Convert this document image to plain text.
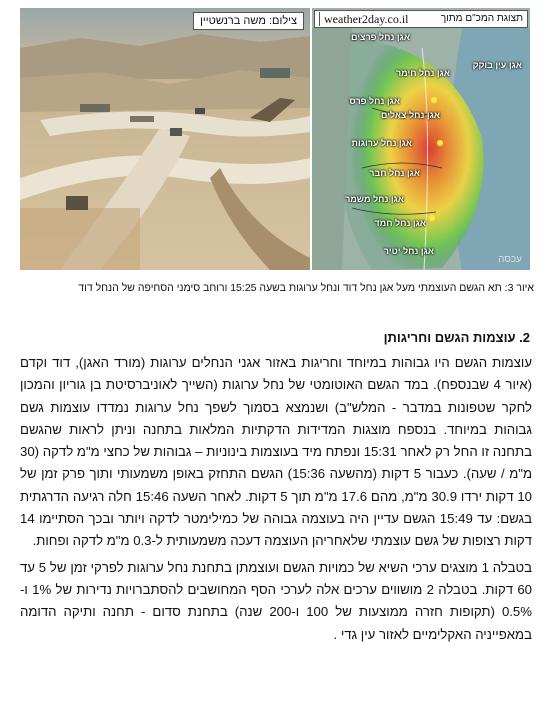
צילום: משה ברנשטיין	תצוגת המכ"ם מתוך
weather2day.co.il
אגן נחל פרצים
אגן עין בוקק
אגן נחל חימר
אגן נחל פרס
אגן נחל צאלים
אגן נחל ערוגות
אגן נחל חבר
אגן נחל משמר
אגן נחל חמד
אגן נחל יטיר
עכסה
איור 3: תא הגשם העוצמתי מעל אגן נחל דוד ונחל ערוגות בשעה 15:25 ורוחב סימני הסחיפה של הנחל דוד
2. עוצמות הגשם וחריגותן

עוצמות הגשם היו גבוהות במיוחד וחריגות באזור אגני הנחלים ערוגות (מורד האגן), דוד וקדם (איור 4 שבנספח). במד הגשם האוטומטי של נחל ערוגות (השייך לאוניברסיטת בן גוריון והמכון לחקר שטפונות במדבר - המלש"ב) ושנמצא בסמוך לשפך נחל ערוגות נמדדו עוצמות גשם גבוהות במיוחד. בנספח מוצגות המדידות הדקתיות המלאות בתחנה וניתן לראות שהגשם בתחנה זו החל רק לאחר 15:31 ונפתח מיד בעוצמות בינוניות – גבוהות של כחצי מ"מ לדקה (30 מ"מ / שעה). כעבור 5 דקות (מהשעה 15:36) הגשם התחזק באופן משמעותי ותוך פרק זמן של 10 דקות ירדו 30.9 מ"מ, מהם 17.6 מ"מ תוך 5 דקות. לאחר השעה 15:46 חלה רגיעה הדרגתית בגשם: עד 15:49 הגשם עדיין היה בעוצמה גבוהה של כמילימטר לדקה ויותר ובכך הסתיימו 14 דקות רצופות של גשם עוצמתי שלאחריהן העוצמה דעכה משמעותית ל-0.3 מ"מ לדקה ופחות.

בטבלה 1 מוצגים ערכי השיא של כמויות הגשם ועוצמתן בתחנת נחל ערוגות לפרקי זמן של 5 עד 60 דקות. בטבלה 2 מושווים ערכים אלה לערכי הסף המחושבים להסתברויות נדירות של 1% ו- 0.5% (תקופות חזרה ממוצעות של 100 ו-200 שנה) בתחנת סדום - תחנה ותיקה הדומה במאפייניה האקלימיים לאזור עין גדי .
